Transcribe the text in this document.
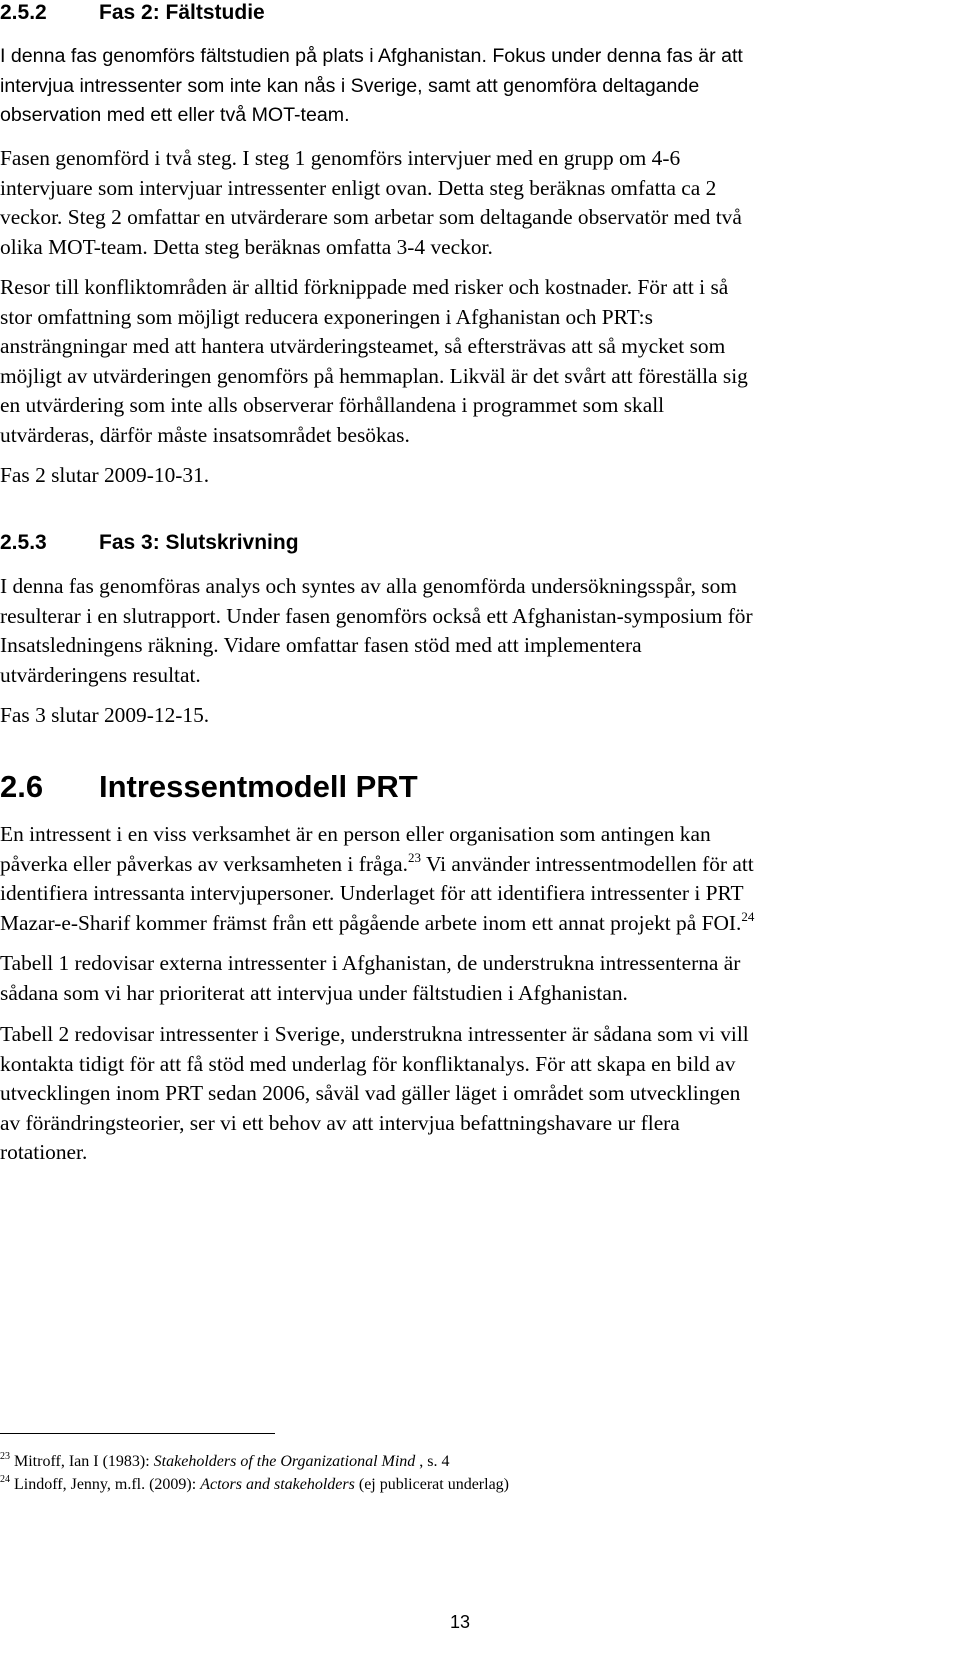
2.5.2 Fas 2: Fältstudie

I denna fas genomförs fältstudien på plats i Afghanistan. Fokus under denna fas är att
intervjua intressenter som inte kan nås i Sverige, samt att genomföra deltagande
observation med ett eller två MOT-team.

Fasen genomförd i två steg. I steg 1 genomförs intervjuer med en grupp om 4-6
intervjuare som intervjuar intressenter enligt ovan. Detta steg beräknas omfatta ca 2
veckor. Steg 2 omfattar en utvärderare som arbetar som deltagande observatör med två
olika MOT-team. Detta steg beräknas omfatta 3-4 veckor.

Resor till konfliktområden är alltid förknippade med risker och kostnader. För att i så
stor omfattning som möjligt reducera exponeringen i Afghanistan och PRT:s
ansträngningar med att hantera utvärderingsteamet, så eftersträvas att så mycket som
möjligt av utvärderingen genomförs på hemmaplan. Likväl är det svårt att föreställa sig
en utvärdering som inte alls observerar förhållandena i programmet som skall
utvärderas, därför måste insatsområdet besökas.

Fas 2 slutar 2009-10-31.

2.5.3 Fas 3: Slutskrivning

I denna fas genomföras analys och syntes av alla genomförda undersökningsspår, som
resulterar i en slutrapport. Under fasen genomförs också ett Afghanistan-symposium för
Insatsledningens räkning. Vidare omfattar fasen stöd med att implementera
utvärderingens resultat.

Fas 3 slutar 2009-12-15.

2.6 Intressentmodell PRT

En intressent i en viss verksamhet är en person eller organisation som antingen kan
påverka eller påverkas av verksamheten i fråga.$^{23}$ Vi använder intressentmodellen för att
identifiera intressanta intervjupersoner. Underlaget för att identifiera intressenter i PRT
Mazar-e-Sharif kommer främst från ett pågående arbete inom ett annat projekt på FOI.$^{24}$

Tabell 1 redovisar externa intressenter i Afghanistan, de understrukna intressenterna är
sådana som vi har prioriterat att intervjua under fältstudien i Afghanistan.

Tabell 2 redovisar intressenter i Sverige, understrukna intressenter är sådana som vi vill
kontakta tidigt för att få stöd med underlag för konfliktanalys. För att skapa en bild av
utvecklingen inom PRT sedan 2006, såväl vad gäller läget i området som utvecklingen
av förändringsteorier, ser vi ett behov av att intervjua befattningshavare ur flera
rotationer.

$^{23}$ Mitroff, Ian I (1983): Stakeholders of the Organizational Mind , s. 4

$^{24}$ Lindoff, Jenny, m.fl. (2009): Actors and stakeholders (ej publicerat underlag)

13
